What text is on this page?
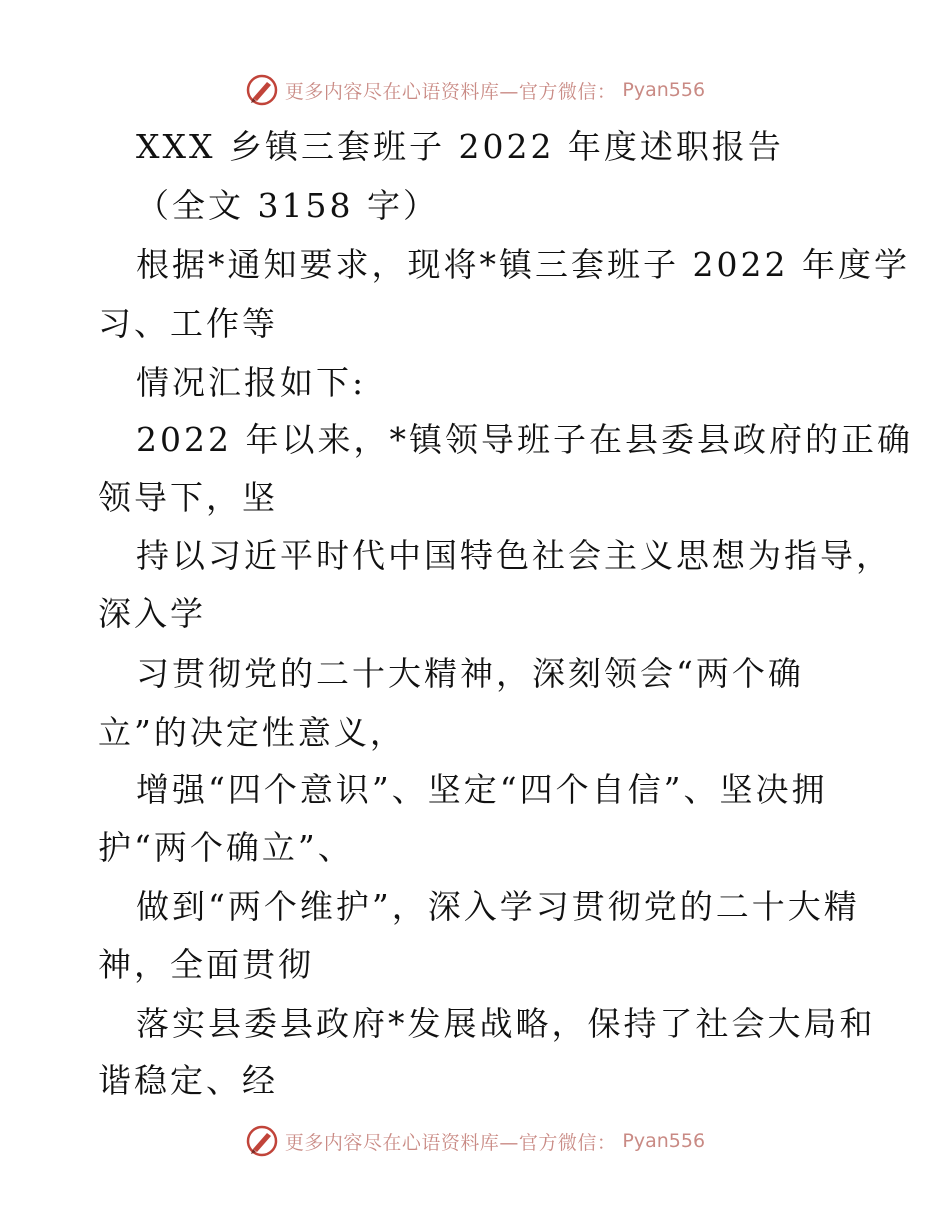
更多内容尽在心语资料库—官方微信： Pyan556

XXX 乡镇三套班子 2022 年度述职报告

（全文 3158 字）

根据*通知要求，现将*镇三套班子 2022 年度学

习、工作等

情况汇报如下:

2022 年以来，*镇领导班子在县委县政府的正确

领导下，坚

持以习近平时代中国特色社会主义思想为指导，

深入学

习贯彻党的二十大精神，深刻领会“两个确

立”的决定性意义，

增强“四个意识”、坚定“四个自信”、坚决拥

护“两个确立”、

做到“两个维护”，深入学习贯彻党的二十大精

神，全面贯彻

落实县委县政府*发展战略，保持了社会大局和

谐稳定、经

更多内容尽在心语资料库—官方微信： Pyan556
